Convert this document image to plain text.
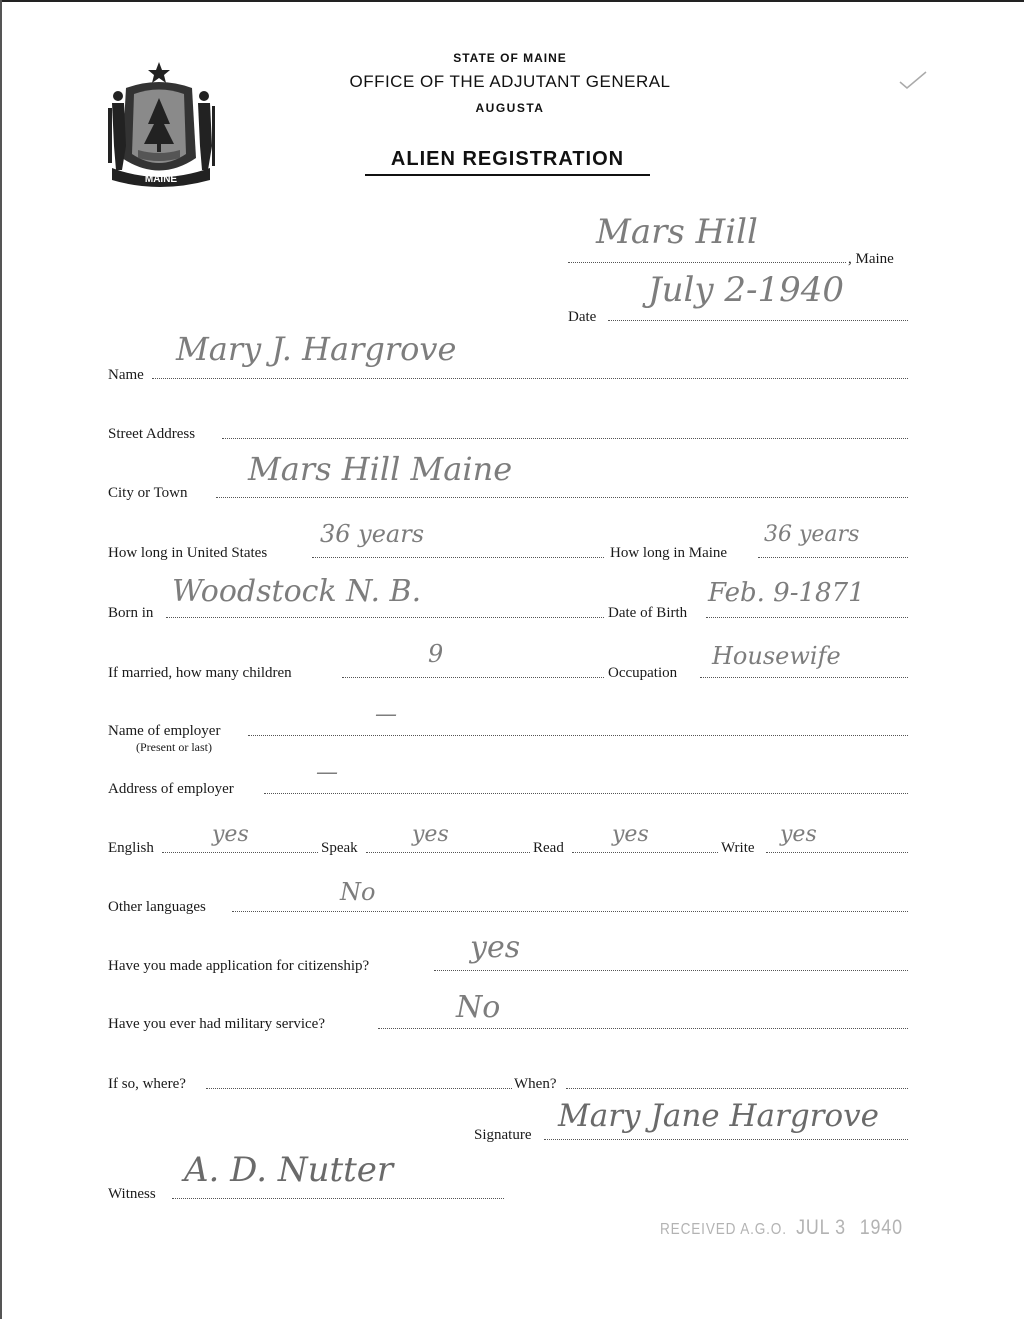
MAINE
STATE OF MAINE
OFFICE OF THE ADJUTANT GENERAL
AUGUSTA
ALIEN REGISTRATION
Mars Hill
, Maine
Date
July 2-1940
Name
Mary J. Hargrove
Street Address
City or Town
Mars Hill Maine
How long in United States
36 years
How long in Maine
36 years
Born in
Woodstock N. B.
Date of Birth
Feb. 9-1871
If married, how many children
9
Occupation
Housewife
Name of employer
(Present or last)
—
Address of employer
—
English
yes
Speak
yes
Read
yes
Write
yes
Other languages
No
Have you made application for citizenship?
yes
Have you ever had military service?	No
If so, where?	When?
Signature
Mary Jane Hargrove
Witness
A. D. Nutter
RECEIVED A.G.O. JUL 3 1940
